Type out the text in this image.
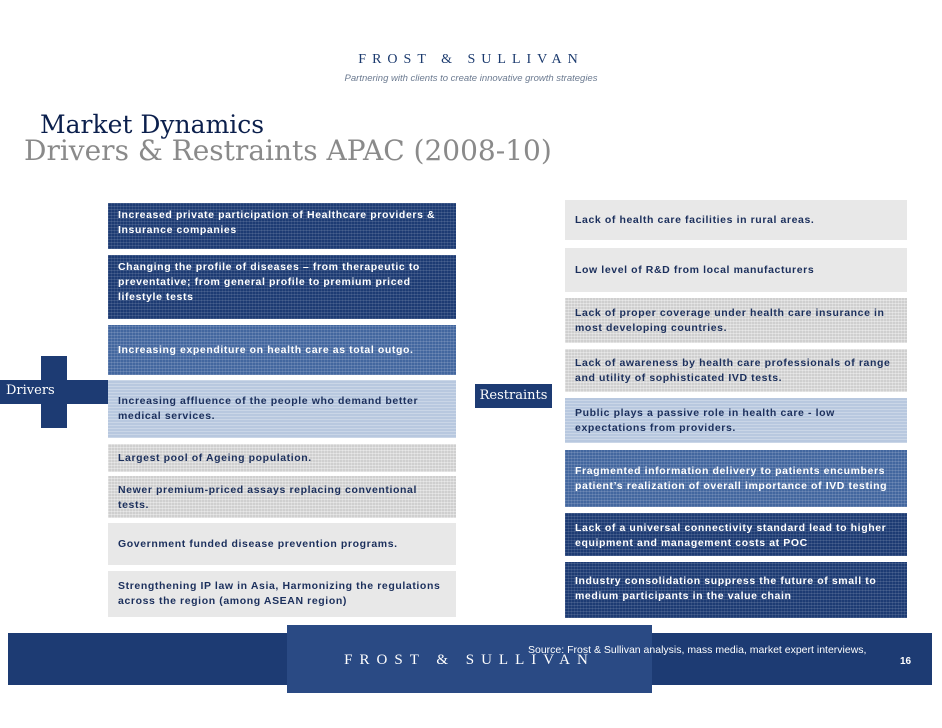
FROST & SULLIVAN
Partnering with clients to create innovative growth strategies
Market Dynamics
Drivers & Restraints APAC (2008-10)
Increased private participation of Healthcare providers & Insurance companies
Changing the profile of diseases – from therapeutic to preventative; from general profile to premium priced lifestyle tests
Increasing expenditure on health care as total outgo.
Increasing affluence of the people who demand better medical services.
Largest pool of Ageing population.
Newer premium-priced assays replacing conventional tests.
Government funded disease prevention programs.
Strengthening IP law in Asia, Harmonizing the regulations across the region (among ASEAN region)
Lack of health care facilities in rural areas.
Low level of R&D from local manufacturers
Lack of proper coverage under health care insurance in most developing countries.
Lack of awareness by health care professionals of range and utility of sophisticated IVD tests.
Public plays a passive role in health care - low expectations from providers.
Fragmented information delivery to patients encumbers patient’s realization of overall importance of IVD testing
Lack of a universal connectivity standard lead to higher equipment and management costs at POC
Industry consolidation suppress the future of small to medium participants in the value chain
Drivers	Restraints
FROST & SULLIVAN
Source: Frost & Sullivan analysis, mass media, market expert interviews,
16
